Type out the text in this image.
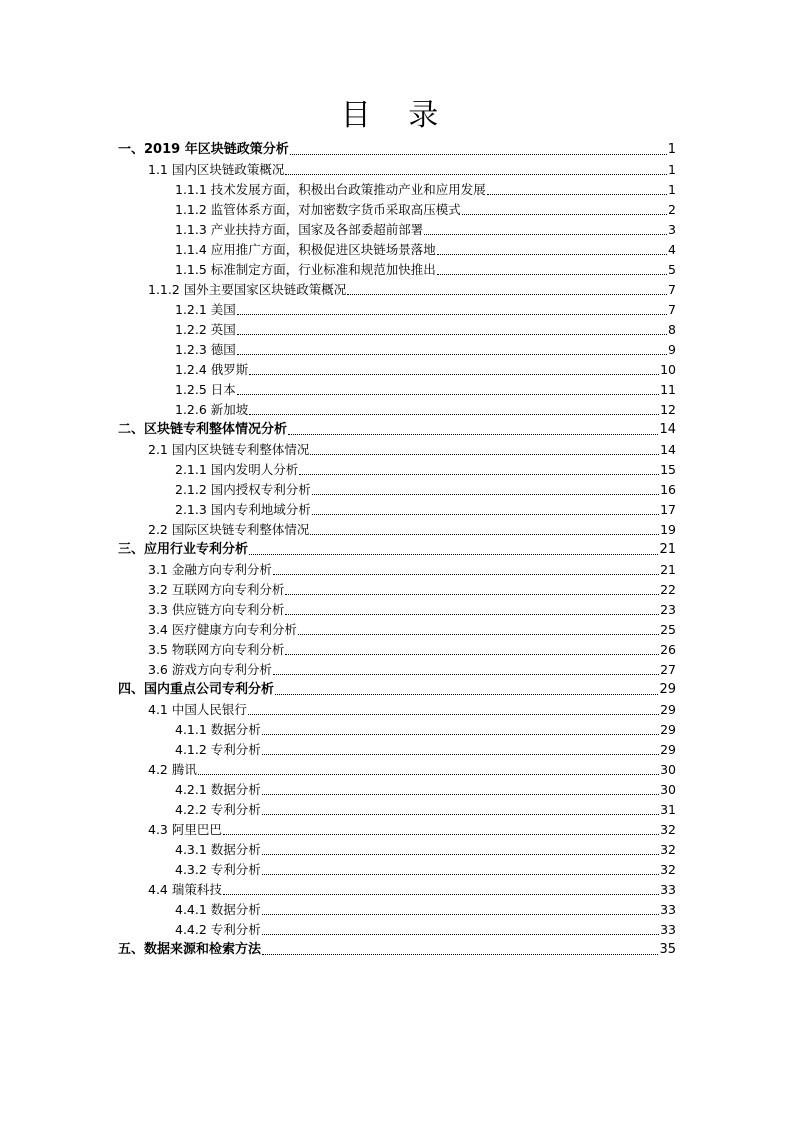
目 录
一、2019 年区块链政策分析	1
1.1 国内区块链政策概况	1
1.1.1 技术发展方面，积极出台政策推动产业和应用发展	1
1.1.2 监管体系方面，对加密数字货币采取高压模式	2
1.1.3 产业扶持方面，国家及各部委超前部署	3
1.1.4 应用推广方面，积极促进区块链场景落地	4
1.1.5 标准制定方面，行业标准和规范加快推出	5
1.1.2 国外主要国家区块链政策概况	7
1.2.1 美国	7
1.2.2 英国	8
1.2.3 德国	9
1.2.4 俄罗斯	10
1.2.5 日本	11
1.2.6 新加坡	12
二、区块链专利整体情况分析	14
2.1 国内区块链专利整体情况	14
2.1.1 国内发明人分析	15
2.1.2 国内授权专利分析	16
2.1.3 国内专利地域分析	17
2.2 国际区块链专利整体情况	19
三、应用行业专利分析	21
3.1 金融方向专利分析	21
3.2 互联网方向专利分析	22
3.3 供应链方向专利分析	23
3.4 医疗健康方向专利分析	25
3.5 物联网方向专利分析	26
3.6 游戏方向专利分析	27
四、国内重点公司专利分析	29
4.1 中国人民银行	29
4.1.1 数据分析	29
4.1.2 专利分析	29
4.2 腾讯	30
4.2.1 数据分析	30
4.2.2 专利分析	31
4.3 阿里巴巴	32
4.3.1 数据分析	32
4.3.2 专利分析	32
4.4 瑞策科技	33
4.4.1 数据分析	33
4.4.2 专利分析	33
五、数据来源和检索方法	35
